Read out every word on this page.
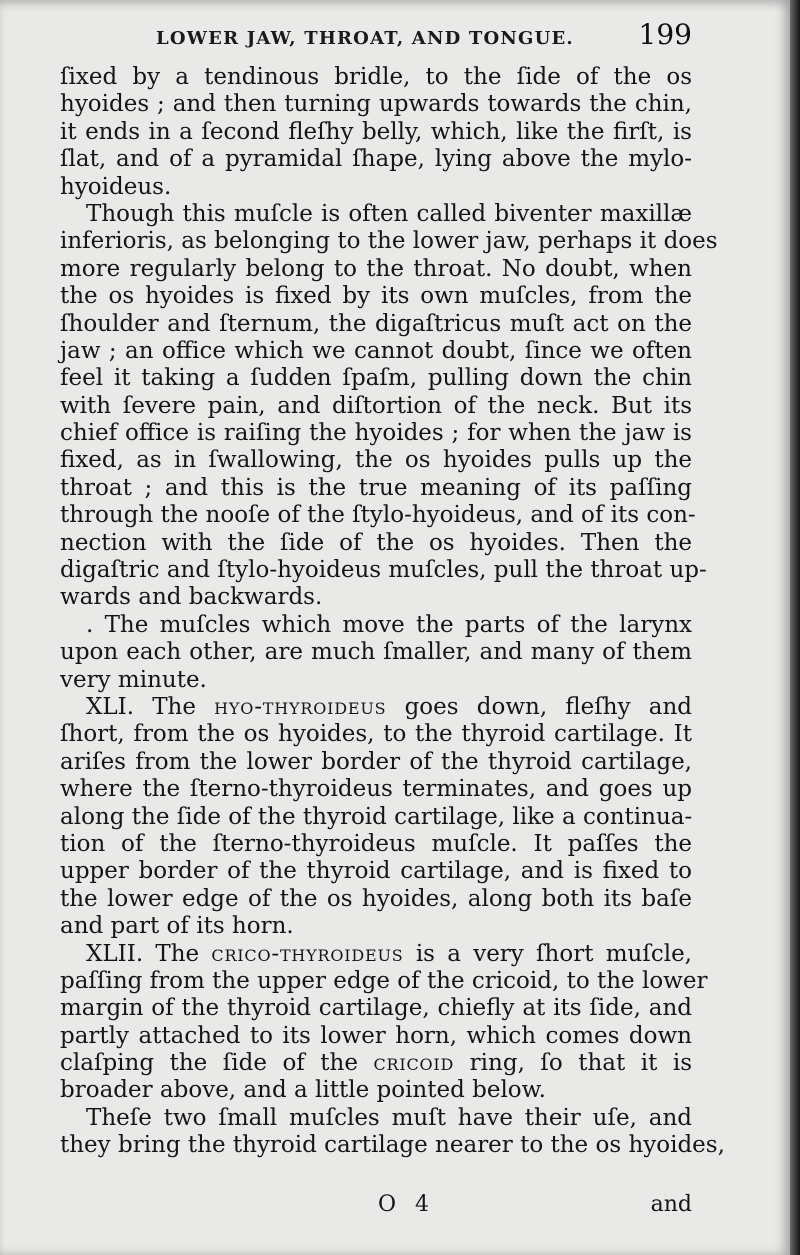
LOWER JAW, THROAT, AND TONGUE. 199
ſixed by a tendinous bridle, to the ſide of the os
hyoides ; and then turning upwards towards the chin,
it ends in a ſecond fleſhy belly, which, like the firſt, is
ſlat, and of a pyramidal ſhape, lying above the mylo-
hyoideus.
Though this muſcle is often called biventer maxillæ
inferioris, as belonging to the lower jaw, perhaps it does
more regularly belong to the throat. No doubt, when
the os hyoides is fixed by its own muſcles, from the
ſhoulder and ſternum, the digaſtricus muſt act on the
jaw ; an office which we cannot doubt, ſince we often
feel it taking a ſudden ſpaſm, pulling down the chin
with ſevere pain, and diſtortion of the neck. But its
chief office is raiſing the hyoides ; for when the jaw is
fixed, as in ſwallowing, the os hyoides pulls up the
throat ; and this is the true meaning of its paſſing
through the nooſe of the ſtylo-hyoideus, and of its con-
nection with the ſide of the os hyoides. Then the
digaſtric and ſtylo-hyoideus muſcles, pull the throat up-
wards and backwards.
. The muſcles which move the parts of the larynx
upon each other, are much ſmaller, and many of them
very minute.
XLI. The hyo-thyroideus goes down, fleſhy and
ſhort, from the os hyoides, to the thyroid cartilage. It
ariſes from the lower border of the thyroid cartilage,
where the ſterno-thyroideus terminates, and goes up
along the ſide of the thyroid cartilage, like a continua-
tion of the ſterno-thyroideus muſcle. It paſſes the
upper border of the thyroid cartilage, and is fixed to
the lower edge of the os hyoides, along both its baſe
and part of its horn.
XLII. The crico-thyroideus is a very ſhort muſcle,
paſſing from the upper edge of the cricoid, to the lower
margin of the thyroid cartilage, chiefly at its ſide, and
partly attached to its lower horn, which comes down
claſping the ſide of the cricoid ring, ſo that it is
broader above, and a little pointed below.
Theſe two ſmall muſcles muſt have their uſe, and
they bring the thyroid cartilage nearer to the os hyoides,
O 4	and
